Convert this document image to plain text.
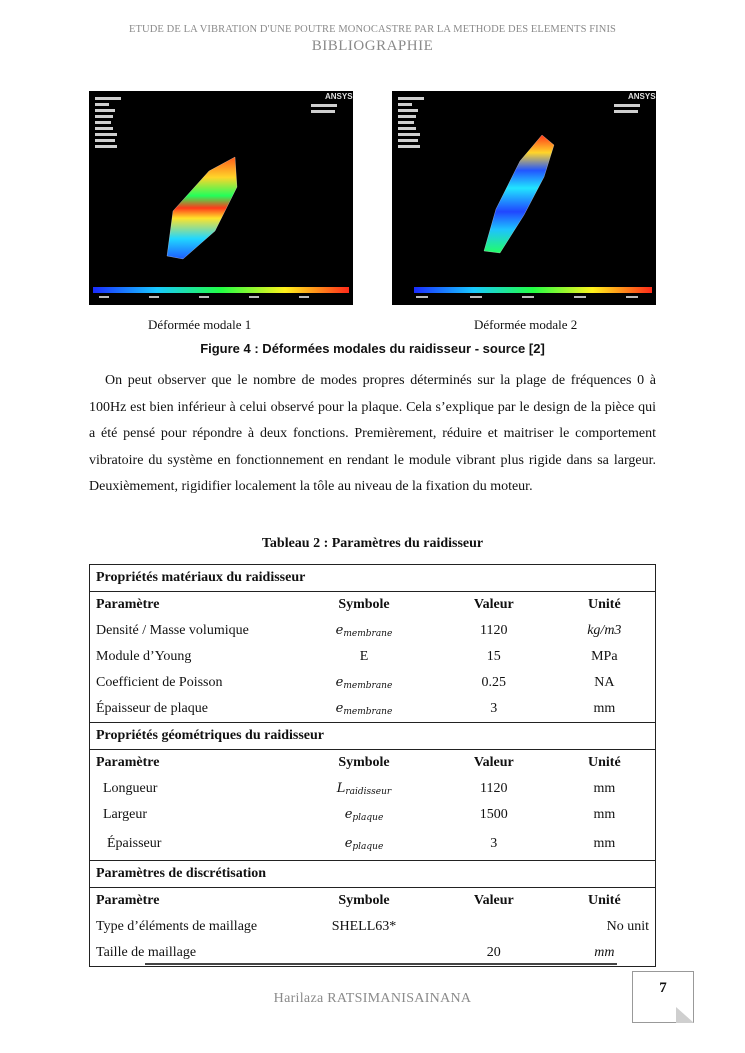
ETUDE DE LA VIBRATION D'UNE POUTRE MONOCASTRE PAR LA METHODE DES ELEMENTS FINIS
BIBLIOGRAPHIE
ANSYS	ANSYS
Déformée modale 1	Déformée modale 2
Figure 4 : Déformées modales du raidisseur - source [2]

On peut observer que le nombre de modes propres déterminés sur la plage de fréquences 0 à 100Hz est bien inférieur à celui observé pour la plaque. Cela s’explique par le design de la pièce qui a été pensé pour répondre à deux fonctions. Premièrement, réduire et maitriser le comportement vibratoire du système en fonctionnement en rendant le module vibrant plus rigide dans sa largeur. Deuxièmement, rigidifier localement la tôle au niveau de la fixation du moteur.

Tableau 2 : Paramètres du raidisseur
Propriétés matériaux du raidisseur			
Paramètre	Symbole	Valeur	Unité
Densité / Masse volumique	$e_{membrane}$	1120	kg/m3
Module d’Young	E	15	MPa
Coefficient de Poisson	$e_{membrane}$	0.25	NA
Épaisseur de plaque	$e_{membrane}$	3	mm
Propriétés géométriques du raidisseur			
Paramètre	Symbole	Valeur	Unité
Longueur	$L_{raidisseur}$	1120	mm
Largeur	$e_{plaque}$	1500	mm
Épaisseur	$e_{plaque}$	3	mm
Paramètres de discrétisation			
Paramètre	Symbole	Valeur	Unité
Type d’éléments de maillage	SHELL63*		No unit
Taille de maillage		20	mm
7
Harilaza RATSIMANISAINANA
